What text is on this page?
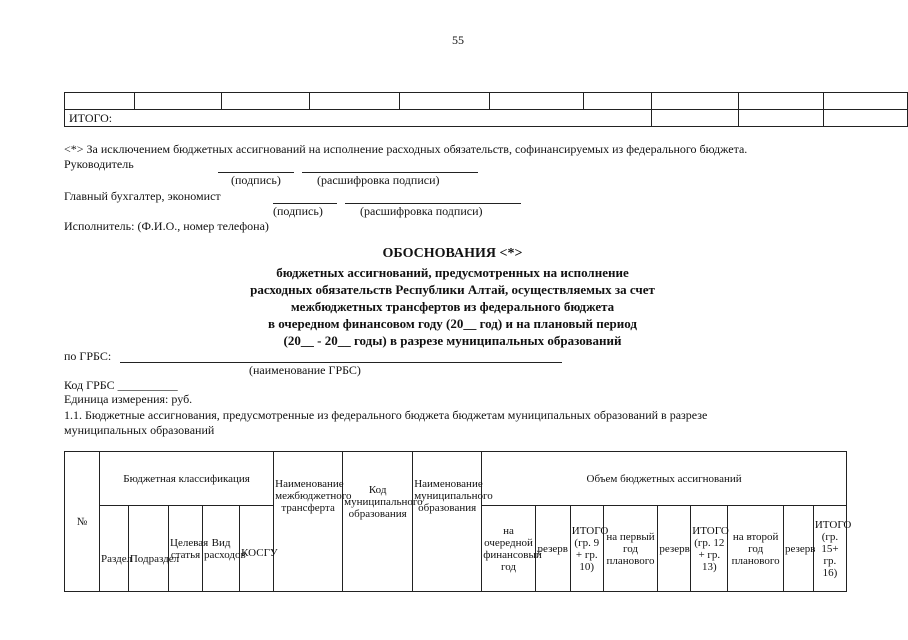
55

ИТОГО:									
<*> За исключением бюджетных ассигнований на исполнение расходных обязательств, софинансируемых из федерального бюджета.
Руководитель
(подпись)	(расшифровка подписи)
Главный бухгалтер, экономист
(подпись)	(расшифровка подписи)
Исполнитель: (Ф.И.О., номер телефона)
ОБОСНОВАНИЯ <*>
бюджетных ассигнований, предусмотренных на исполнение
расходных обязательств Республики Алтай, осуществляемых за счет
межбюджетных трансфертов из федерального бюджета
в очередном финансовом году (20__ год) и на плановый период
(20__ - 20__ годы) в разрезе муниципальных образований
по ГРБС:
(наименование ГРБС)
Код ГРБС __________
Единица измерения: руб.
1.1. Бюджетные ассигнования, предусмотренные из федерального бюджета бюджетам муниципальных образований в разрезе
муниципальных образований
№	Бюджетная классификация					Наименование межбюджетного трансферта	Код муниципального образования	Наименование муниципального образования	Объем бюджетных ассигнований								
	Раздел	Подраздел	Целевая статья	Вид расходов	КОСГУ				на очередной финансовый год	резерв	ИТОГО (гр. 9 + гр. 10)	на первый год планового	резерв	ИТОГО (гр. 12 + гр. 13)	на второй год планового	резерв	ИТОГО (гр. 15+ гр. 16)
